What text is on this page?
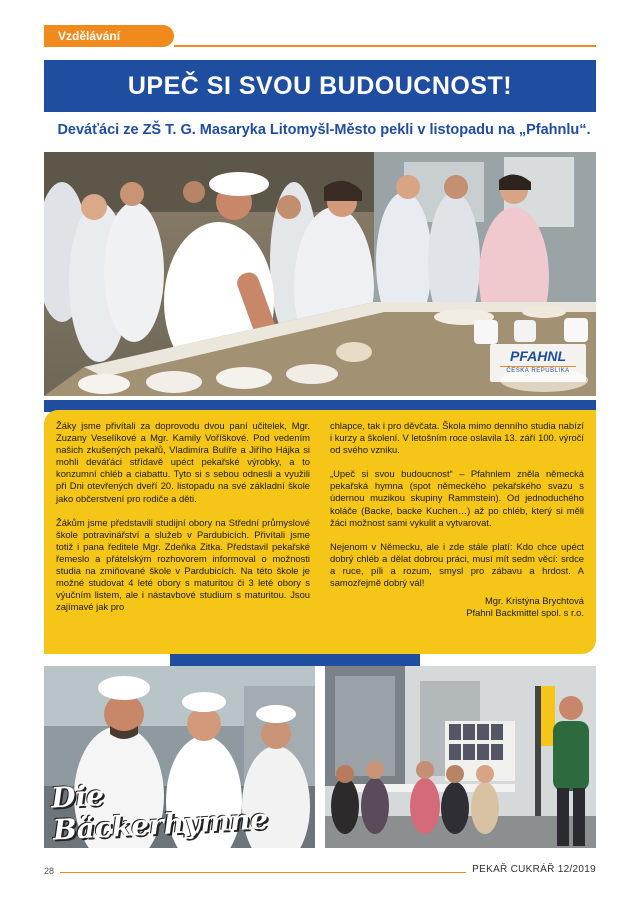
Vzdělávání
UPEČ SI SVOU BUDOUCNOST!
Deváťáci ze ZŠ T. G. Masaryka Litomyšl-Město pekli v listopadu na „Pfahnlu“.
PFAHNL
ČESKÁ REPUBLIKA

Žáky jsme přivítali za doprovodu dvou paní učitelek, Mgr. Zuzany Veselíkové a Mgr. Kamily Voříškové. Pod vedením našich zkušených pekařů, Vladimíra Bulíře a Jiřího Hájka si mohli deváťáci střídavě upéct pekařské výrobky, a to konzumní chléb a ciabattu. Tyto si s sebou odnesli a využili při Dni otevřených dveří 20. listopadu na své základní škole jako občerstvení pro rodiče a děti.

Žákům jsme představili studijní obory na Střední průmyslové škole potravinářství a služeb v Pardubicích. Přivítali jsme totiž i pana ředitele Mgr. Zdeňka Zitka. Představil pekařské řemeslo a přátelským rozhovorem informoval o možnosti studia na zmiňované škole v Pardubicích. Na této škole je možné studovat 4 leté obory s maturitou či 3 leté obory s výučním listem, ale i nástavbové studium s maturitou. Jsou zajímavé jak pro

chlapce, tak i pro děvčata. Škola mimo denního studia nabízí i kurzy a školení. V letošním roce oslavila 13. září 100. výročí od svého vzniku.

„Upeč si svou budoucnost“ – Pfahnlem zněla německá pekařská hymna (spot německého pekařského svazu s údernou muzikou skupiny Rammstein). Od jednoduchého koláče (Backe, backe Kuchen…) až po chléb, který si měli žáci možnost sami vykulit a vytvarovat.

Nejenom v Německu, ale i zde stále platí: Kdo chce upéct dobrý chléb a dělat dobrou práci, musí mít sedm věcí: srdce a ruce, píli a rozum, smysl pro zábavu a hrdost. A samozřejmě dobrý vál!

Mgr. Kristýna Brychtová
Pfahnl Backmittel spol. s r.o.
Die Bäckerhymne
28	PEKAŘ CUKRÁŘ 12/2019
